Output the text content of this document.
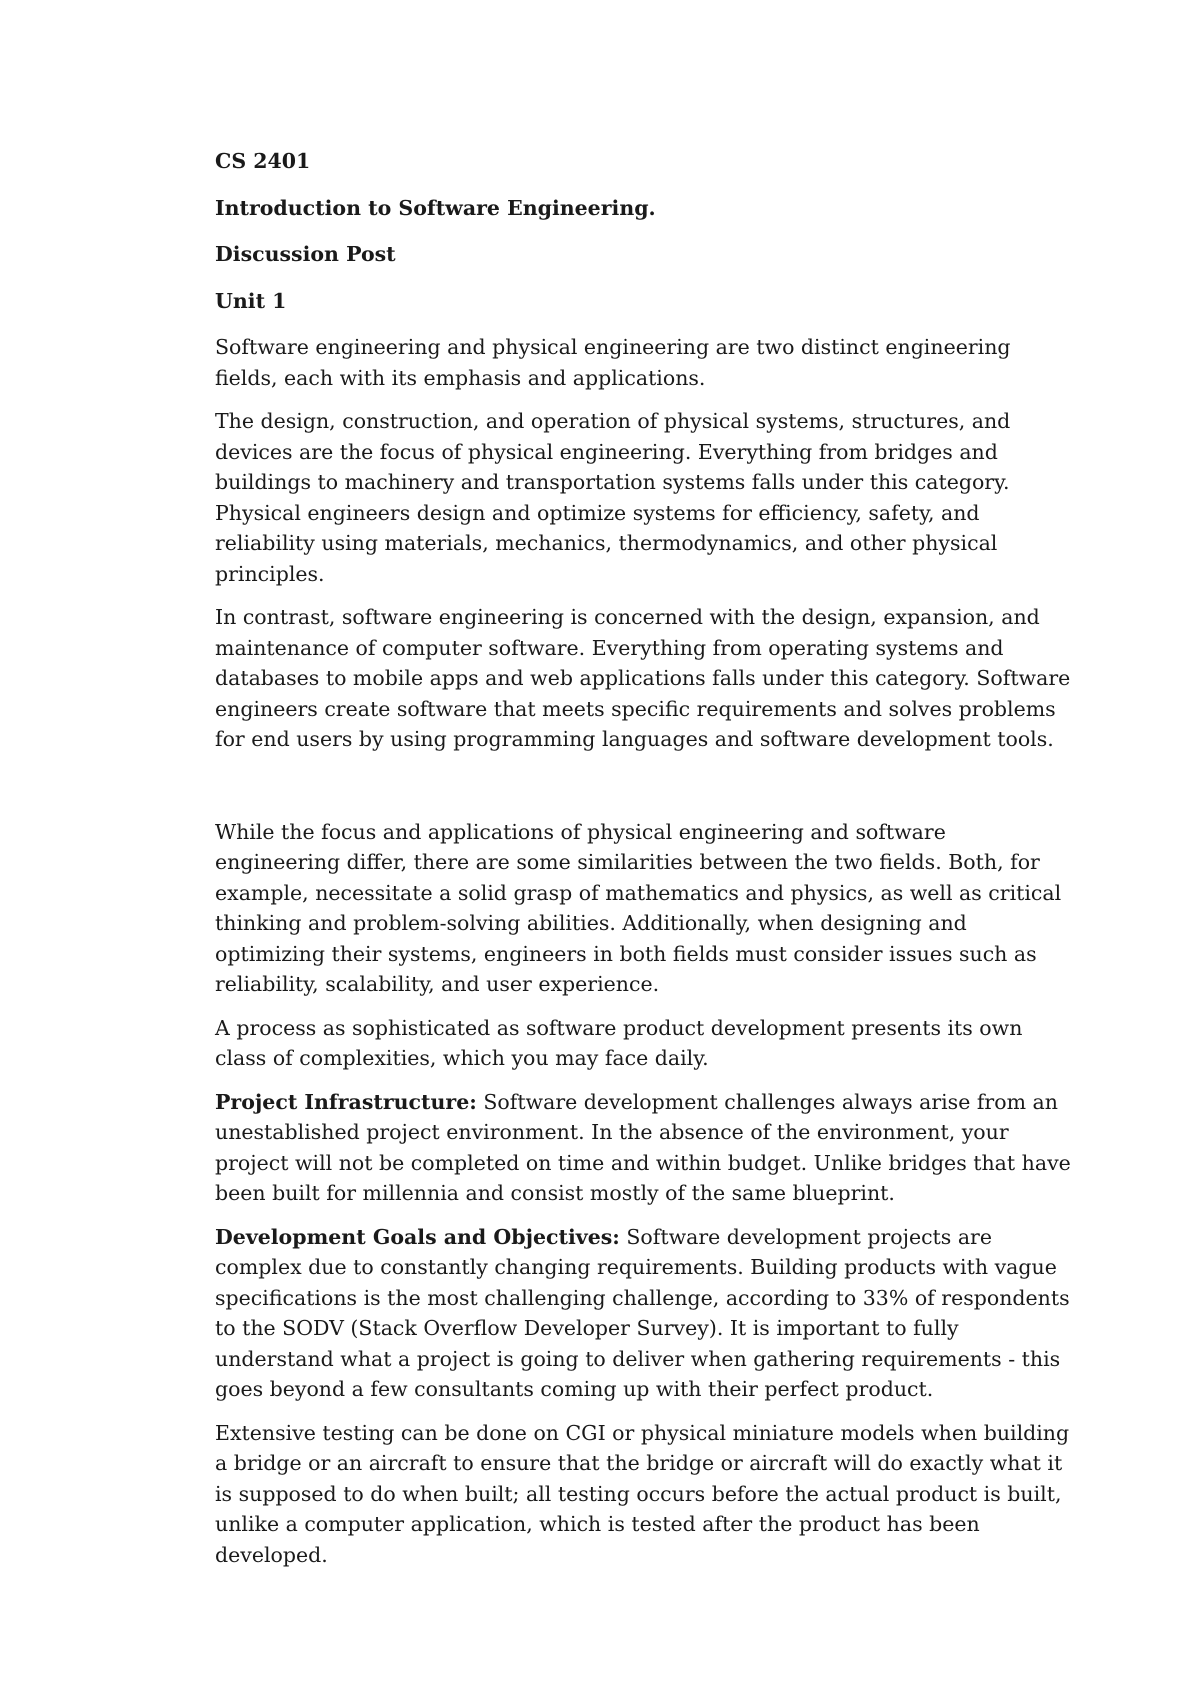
CS 2401

Introduction to Software Engineering.

Discussion Post

Unit 1

Software engineering and physical engineering are two distinct engineering fields, each with its emphasis and applications.

The design, construction, and operation of physical systems, structures, and devices are the focus of physical engineering. Everything from bridges and buildings to machinery and transportation systems falls under this category. Physical engineers design and optimize systems for efficiency, safety, and reliability using materials, mechanics, thermodynamics, and other physical principles.

In contrast, software engineering is concerned with the design, expansion, and maintenance of computer software. Everything from operating systems and databases to mobile apps and web applications falls under this category. Software engineers create software that meets specific requirements and solves problems for end users by using programming languages and software development tools.

While the focus and applications of physical engineering and software engineering differ, there are some similarities between the two fields. Both, for example, necessitate a solid grasp of mathematics and physics, as well as critical thinking and problem-solving abilities. Additionally, when designing and optimizing their systems, engineers in both fields must consider issues such as reliability, scalability, and user experience.

A process as sophisticated as software product development presents its own class of complexities, which you may face daily.

Project Infrastructure: Software development challenges always arise from an unestablished project environment. In the absence of the environment, your project will not be completed on time and within budget. Unlike bridges that have been built for millennia and consist mostly of the same blueprint.

Development Goals and Objectives: Software development projects are complex due to constantly changing requirements. Building products with vague specifications is the most challenging challenge, according to 33% of respondents to the SODV (Stack Overflow Developer Survey). It is important to fully understand what a project is going to deliver when gathering requirements - this goes beyond a few consultants coming up with their perfect product.

Extensive testing can be done on CGI or physical miniature models when building a bridge or an aircraft to ensure that the bridge or aircraft will do exactly what it is supposed to do when built; all testing occurs before the actual product is built, unlike a computer application, which is tested after the product has been developed.
